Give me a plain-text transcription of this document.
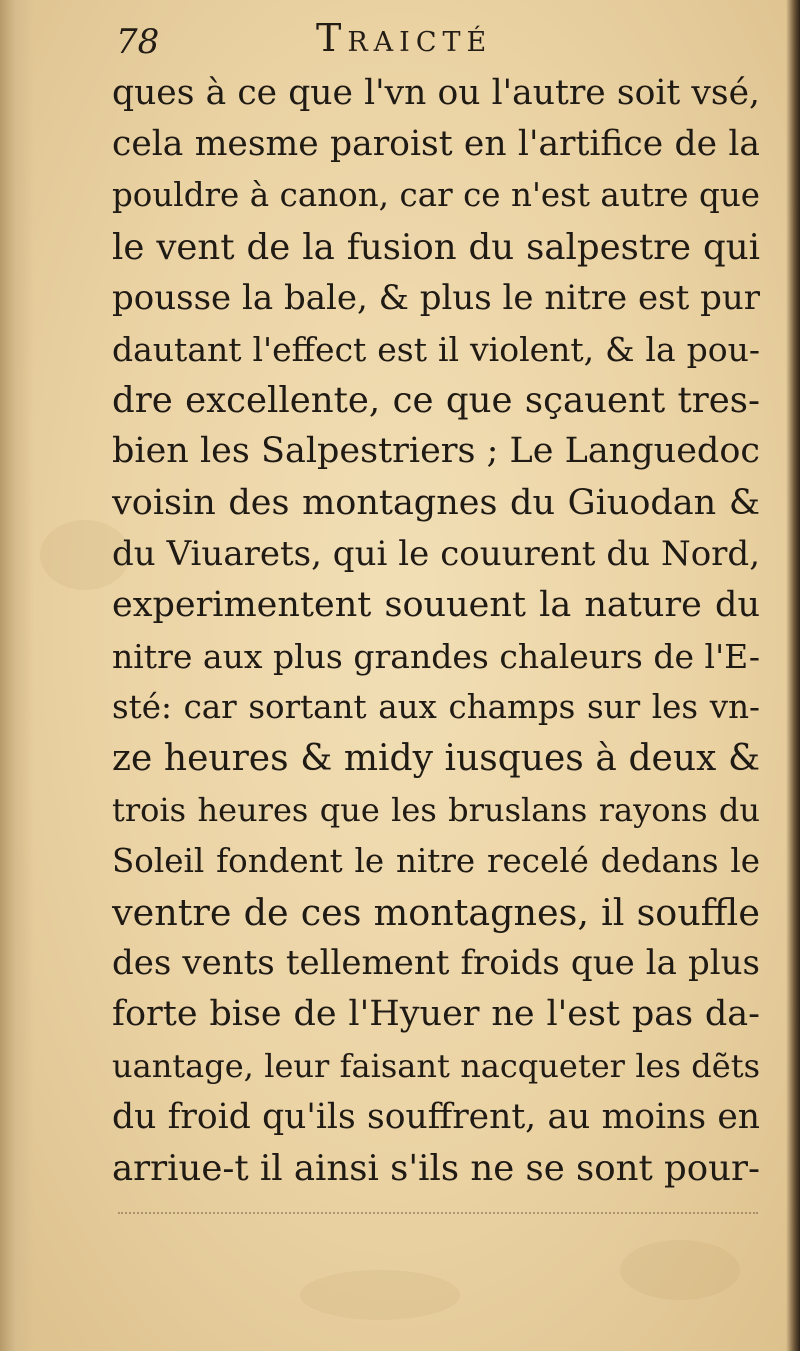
78	Traicté
ques à ce que l'vn ou l'autre soit vsé,
cela mesme paroist en l'artifice de la
pouldre à canon, car ce n'est autre que
le vent de la fusion du salpestre qui
pousse la bale, & plus le nitre est pur
dautant l'effect est il violent, & la pou-
dre excellente, ce que sçauent tres-
bien les Salpestriers ; Le Languedoc
voisin des montagnes du Giuodan &
du Viuarets, qui le couurent du Nord,
experimentent souuent la nature du
nitre aux plus grandes chaleurs de l'E-
sté: car sortant aux champs sur les vn-
ze heures & midy iusques à deux &
trois heures que les bruslans rayons du
Soleil fondent le nitre recelé dedans le
ventre de ces montagnes, il souffle
des vents tellement froids que la plus
forte bise de l'Hyuer ne l'est pas da-
uantage, leur faisant nacqueter les dẽts
du froid qu'ils souffrent, au moins en
arriue-t il ainsi s'ils ne se sont pour-
